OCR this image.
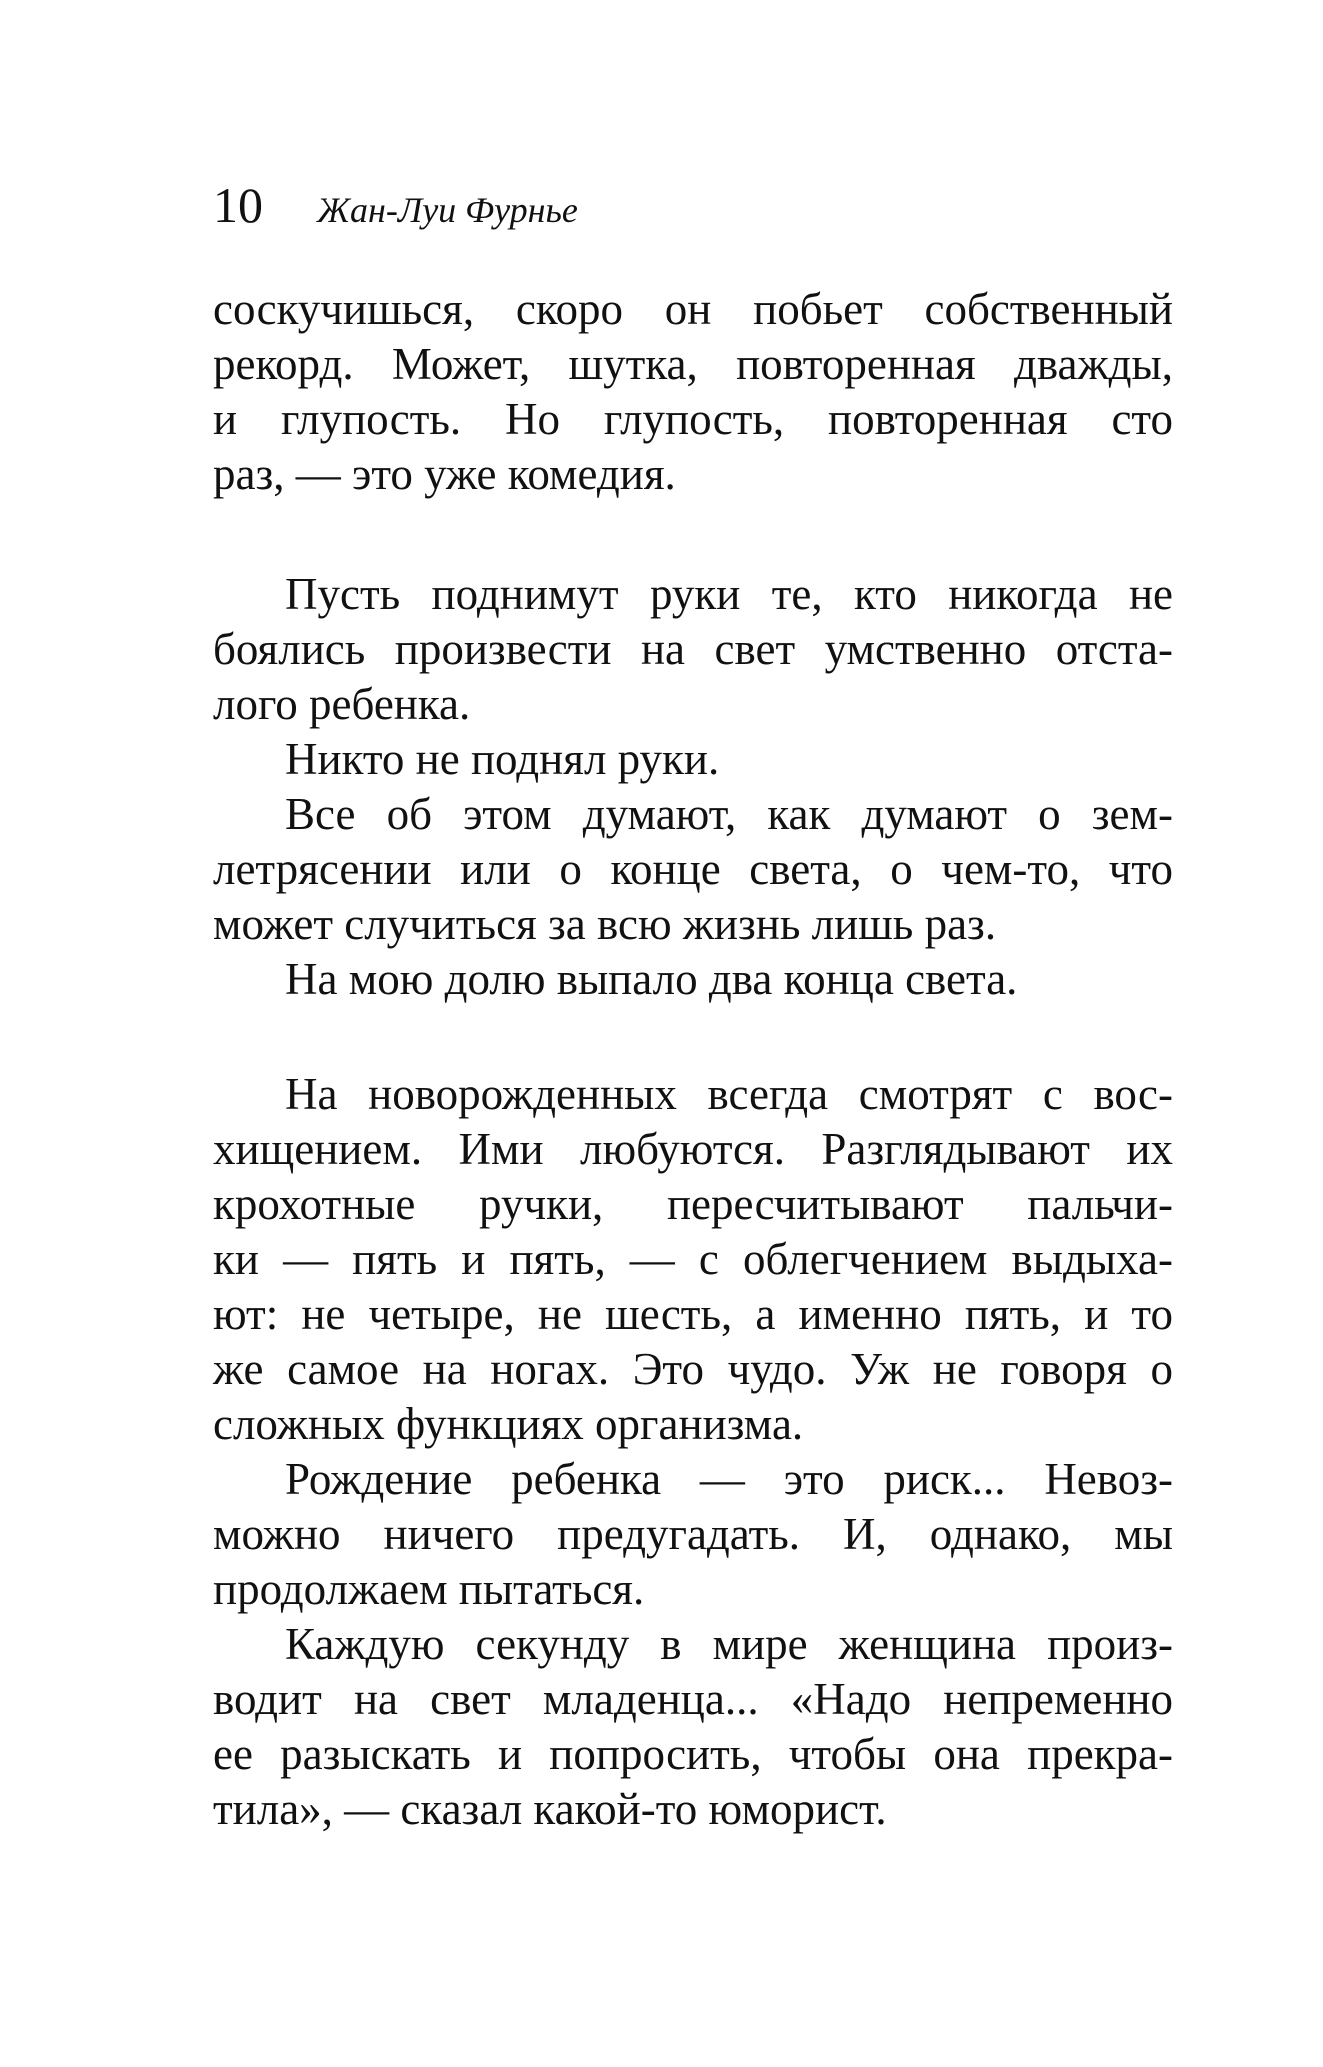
10 Жан-Луи Фурнье
соскучишься, скоро он побьет собственный
рекорд. Может, шутка, повторенная дважды,
и глупость. Но глупость, повторенная сто
раз, — это уже комедия.
Пусть поднимут руки те, кто никогда не
боялись произвести на свет умственно отста-
лого ребенка.
Никто не поднял руки.
Все об этом думают, как думают о зем-
летрясении или о конце света, о чем-то, что
может случиться за всю жизнь лишь раз.
На мою долю выпало два конца света.
На новорожденных всегда смотрят с вос-
хищением. Ими любуются. Разглядывают их
крохотные ручки, пересчитывают пальчи-
ки — пять и пять, — с облегчением выдыха-
ют: не четыре, не шесть, а именно пять, и то
же самое на ногах. Это чудо. Уж не говоря о
сложных функциях организма.
Рождение ребенка — это риск... Невоз-
можно ничего предугадать. И, однако, мы
продолжаем пытаться.
Каждую секунду в мире женщина произ-
водит на свет младенца... «Надо непременно
ее разыскать и попросить, чтобы она прекра-
тила», — сказал какой-то юморист.
